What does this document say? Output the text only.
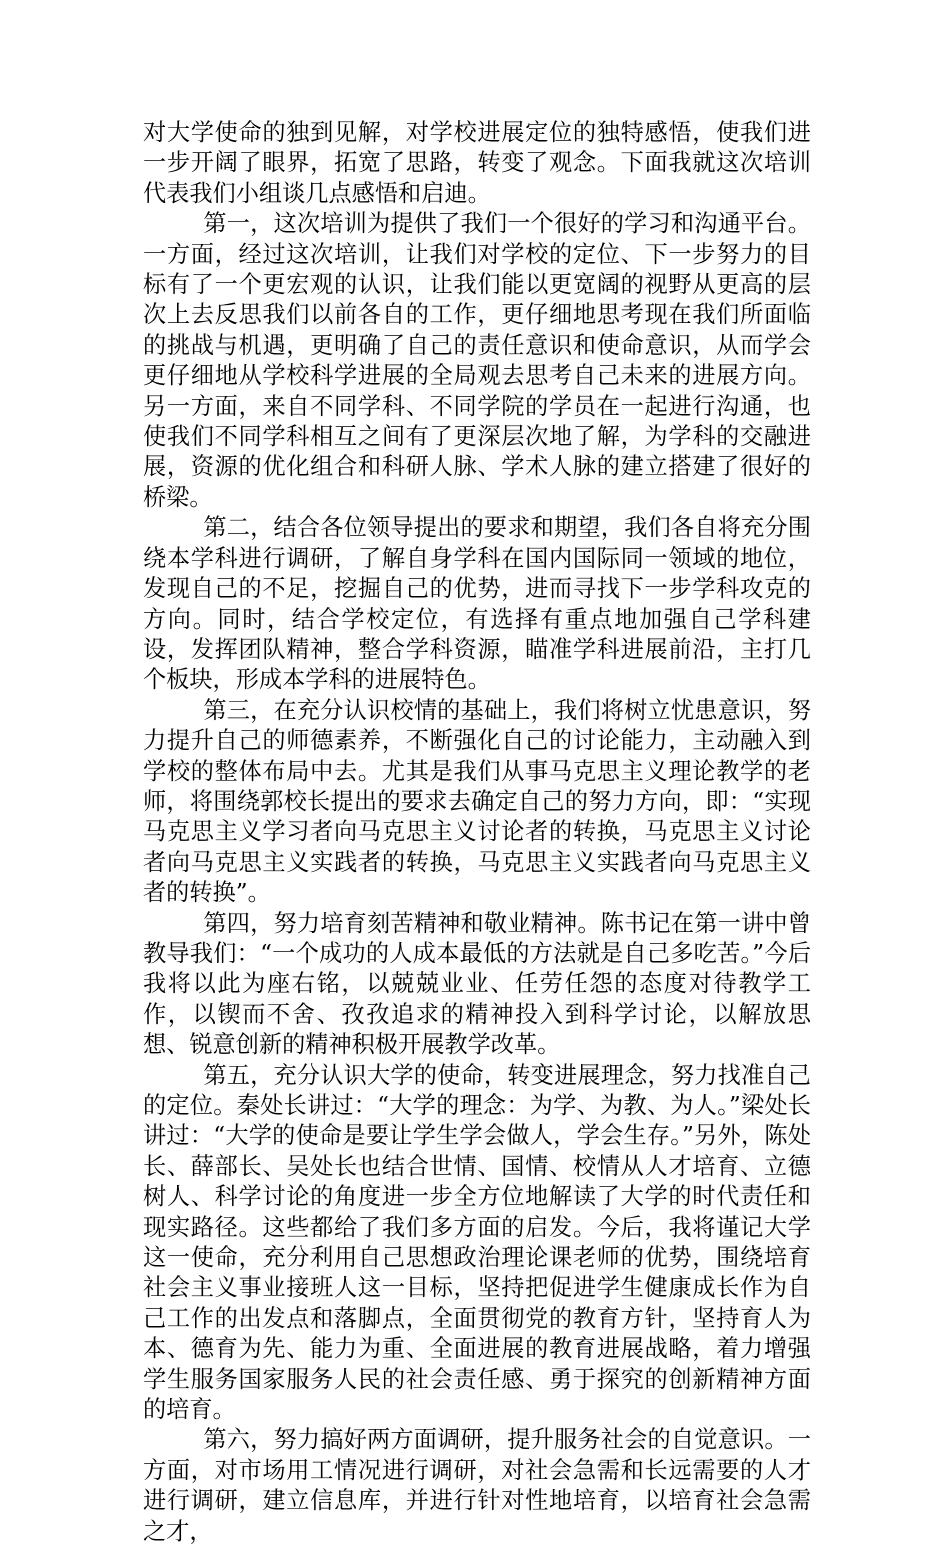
对大学使命的独到见解，对学校进展定位的独特感悟，使我们进一步开阔了眼界，拓宽了思路，转变了观念。下面我就这次培训代表我们小组谈几点感悟和启迪。

第一，这次培训为提供了我们一个很好的学习和沟通平台。一方面，经过这次培训，让我们对学校的定位、下一步努力的目标有了一个更宏观的认识，让我们能以更宽阔的视野从更高的层次上去反思我们以前各自的工作，更仔细地思考现在我们所面临的挑战与机遇，更明确了自己的责任意识和使命意识，从而学会更仔细地从学校科学进展的全局观去思考自己未来的进展方向。另一方面，来自不同学科、不同学院的学员在一起进行沟通，也使我们不同学科相互之间有了更深层次地了解，为学科的交融进展，资源的优化组合和科研人脉、学术人脉的建立搭建了很好的桥梁。

第二，结合各位领导提出的要求和期望，我们各自将充分围绕本学科进行调研，了解自身学科在国内国际同一领域的地位，发现自己的不足，挖掘自己的优势，进而寻找下一步学科攻克的方向。同时，结合学校定位，有选择有重点地加强自己学科建设，发挥团队精神，整合学科资源，瞄准学科进展前沿，主打几个板块，形成本学科的进展特色。

第三，在充分认识校情的基础上，我们将树立忧患意识，努力提升自己的师德素养，不断强化自己的讨论能力，主动融入到学校的整体布局中去。尤其是我们从事马克思主义理论教学的老师，将围绕郭校长提出的要求去确定自己的努力方向，即：“实现马克思主义学习者向马克思主义讨论者的转换，马克思主义讨论者向马克思主义实践者的转换，马克思主义实践者向马克思主义者的转换”。

第四，努力培育刻苦精神和敬业精神。陈书记在第一讲中曾教导我们：“一个成功的人成本最低的方法就是自己多吃苦。”今后我将以此为座右铭，以兢兢业业、任劳任怨的态度对待教学工作，以锲而不舍、孜孜追求的精神投入到科学讨论，以解放思想、锐意创新的精神积极开展教学改革。

第五，充分认识大学的使命，转变进展理念，努力找准自己的定位。秦处长讲过：“大学的理念：为学、为教、为人。”梁处长讲过：“大学的使命是要让学生学会做人，学会生存。”另外，陈处长、薛部长、吴处长也结合世情、国情、校情从人才培育、立德树人、科学讨论的角度进一步全方位地解读了大学的时代责任和现实路径。这些都给了我们多方面的启发。今后，我将谨记大学这一使命，充分利用自己思想政治理论课老师的优势，围绕培育社会主义事业接班人这一目标，坚持把促进学生健康成长作为自己工作的出发点和落脚点，全面贯彻党的教育方针，坚持育人为本、德育为先、能力为重、全面进展的教育进展战略，着力增强学生服务国家服务人民的社会责任感、勇于探究的创新精神方面的培育。

第六，努力搞好两方面调研，提升服务社会的自觉意识。一方面，对市场用工情况进行调研，对社会急需和长远需要的人才进行调研，建立信息库，并进行针对性地培育，以培育社会急需之才，
